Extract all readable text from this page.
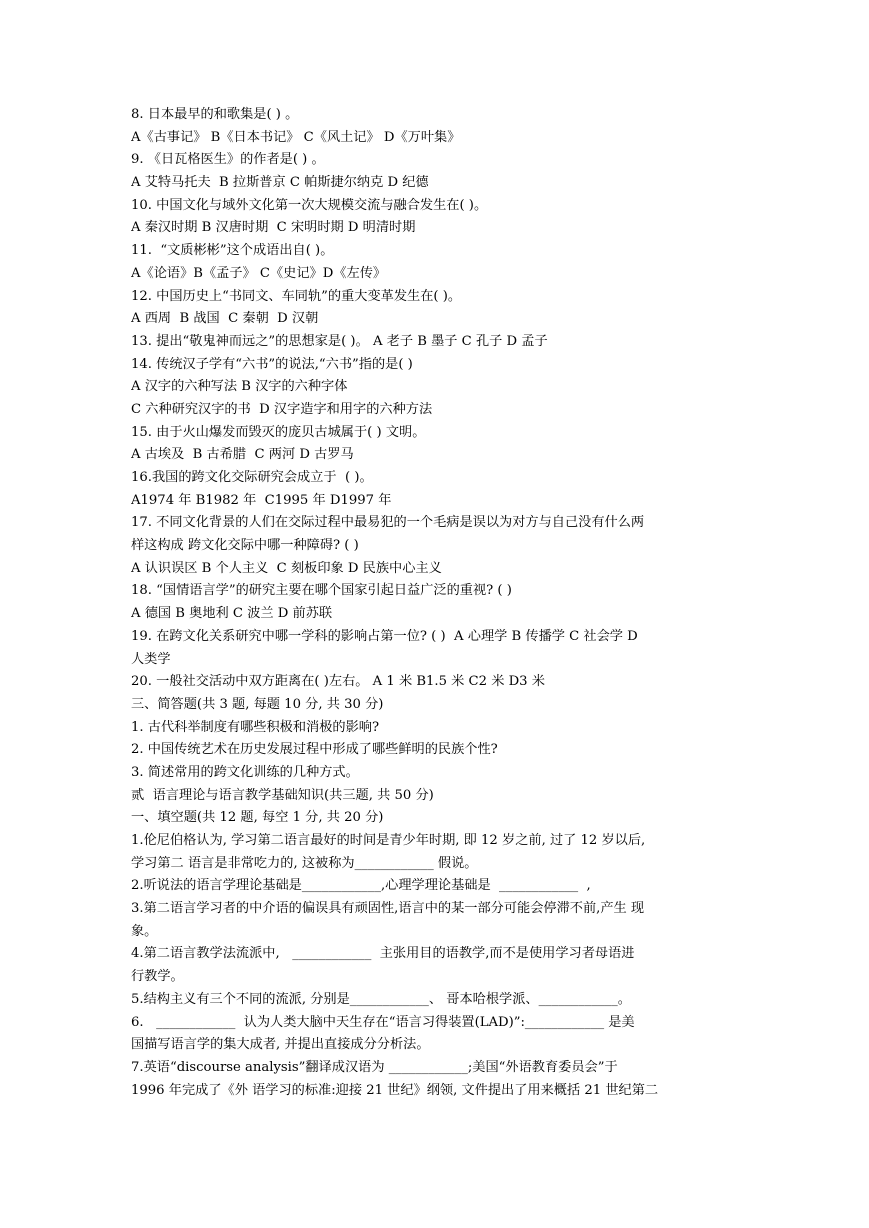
8. 日本最早的和歌集是( ) 。
A《古事记》 B《日本书记》 C《风土记》 D《万叶集》
9. 《日瓦格医生》的作者是( ) 。
A 艾特马托夫  B 拉斯普京 C 帕斯捷尔纳克 D 纪德
10. 中国文化与域外文化第一次大规模交流与融合发生在( )。
A 秦汉时期 B 汉唐时期  C 宋明时期 D 明清时期
11.  “文质彬彬”这个成语出自( )。
A《论语》B《孟子》 C《史记》D《左传》
12. 中国历史上“书同文、车同轨”的重大变革发生在( )。
A 西周  B 战国  C 秦朝  D 汉朝
13. 提出“敬鬼神而远之”的思想家是( )。 A 老子 B 墨子 C 孔子 D 孟子
14. 传统汉子学有“六书”的说法,“六书”指的是( )
A 汉字的六种写法 B 汉字的六种字体
C 六种研究汉字的书  D 汉字造字和用字的六种方法
15. 由于火山爆发而毁灭的庞贝古城属于( ) 文明。
A 古埃及  B 古希腊  C 两河 D 古罗马
16.我国的跨文化交际研究会成立于  ( )。
A1974 年 B1982 年  C1995 年 D1997 年
17. 不同文化背景的人们在交际过程中最易犯的一个毛病是误以为对方与自己没有什么两
样这构成 跨文化交际中哪一种障碍? ( )
A 认识误区 B 个人主义  C 刻板印象 D 民族中心主义
18. “国情语言学”的研究主要在哪个国家引起日益广泛的重视? ( )
A 德国 B 奥地利 C 波兰 D 前苏联
19. 在跨文化关系研究中哪一学科的影响占第一位? ( )  A 心理学 B 传播学 C 社会学 D
人类学
20. 一般社交活动中双方距离在( )左右。 A 1 米 B1.5 米 C2 米 D3 米
三、简答题(共 3 题, 每题 10 分, 共 30 分)
1. 古代科举制度有哪些积极和消极的影响?
2. 中国传统艺术在历史发展过程中形成了哪些鲜明的民族个性?
3. 简述常用的跨文化训练的几种方式。
贰  语言理论与语言教学基础知识(共三题, 共 50 分)
一、填空题(共 12 题, 每空 1 分, 共 20 分)
1.伦尼伯格认为, 学习第二语言最好的时间是青少年时期, 即 12 岁之前, 过了 12 岁以后,
学习第二 语言是非常吃力的, 这被称为____________ 假说。
2.听说法的语言学理论基础是____________,心理学理论基础是  ____________  ,
3.第二语言学习者的中介语的偏误具有顽固性,语言中的某一部分可能会停滞不前,产生 现
象。
4.第二语言教学法流派中,   ____________  主张用目的语教学,而不是使用学习者母语进
行教学。
5.结构主义有三个不同的流派, 分别是____________、 哥本哈根学派、____________。
6.   ____________  认为人类大脑中天生存在“语言习得装置(LAD)”:____________ 是美
国描写语言学的集大成者, 并提出直接成分分析法。
7.英语“discourse analysis”翻译成汉语为 ____________;美国“外语教育委员会”于
1996 年完成了《外 语学习的标准:迎接 21 世纪》纲领, 文件提出了用来概括 21 世纪第二
